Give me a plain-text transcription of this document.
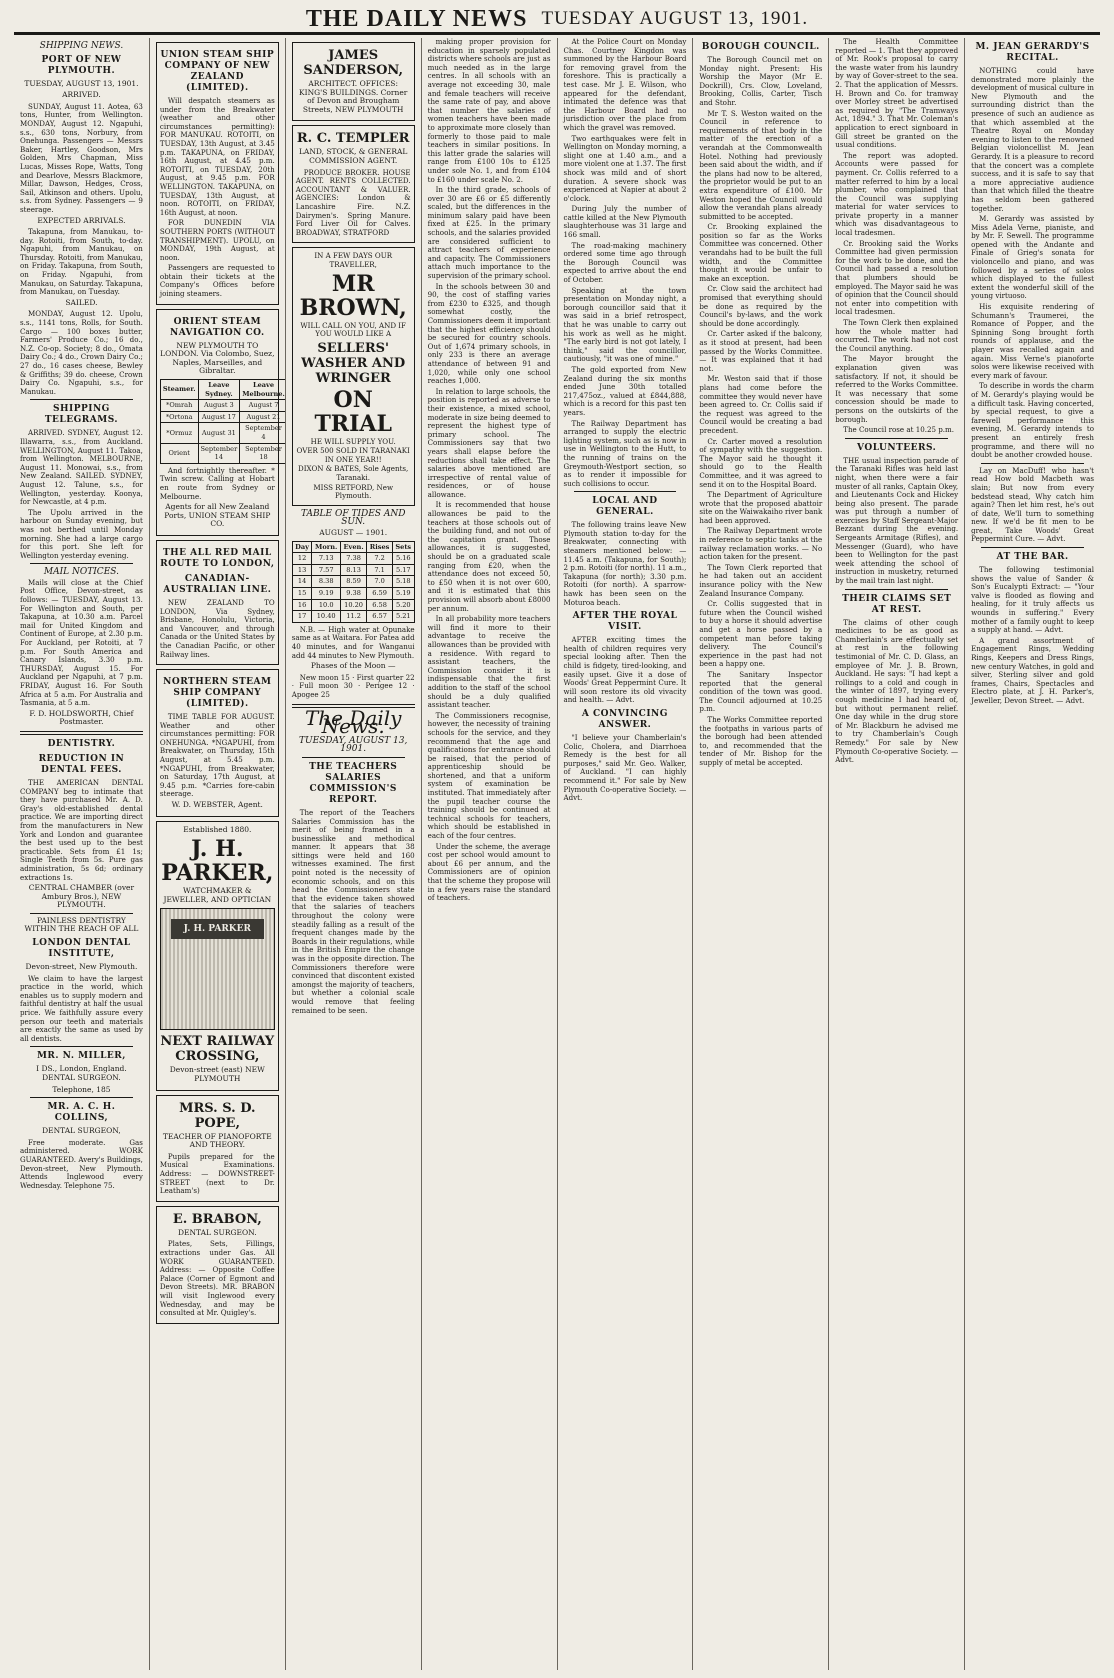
THE DAILY NEWS TUESDAY AUGUST 13, 1901.
SHIPPING NEWS.
PORT OF NEW PLYMOUTH.
TUESDAY, AUGUST 13, 1901.
ARRIVED.

SUNDAY, August 11. Aotea, 63 tons, Hunter, from Wellington. MONDAY, August 12. Ngapuhi, s.s., 630 tons, Norbury, from Onehunga. Passengers — Messrs Baker, Hartley, Goodson, Mrs Golden, Mrs Chapman, Miss Lucas, Misses Rope, Watts, Tong and Dearlove, Messrs Blackmore, Millar, Dawson, Hedges, Cross, Sail, Atkinson and others. Upolu, s.s. from Sydney. Passengers — 9 steerage.

EXPECTED ARRIVALS.

Takapuna, from Manukau, to-day. Rotoiti, from South, to-day. Ngapuhi, from Manukau, on Thursday. Rotoiti, from Manukau, on Friday. Takapuna, from South, on Friday. Ngapuhi, from Manukau, on Saturday. Takapuna, from Manukau, on Tuesday.

SAILED.

MONDAY, August 12. Upolu, s.s., 1141 tons, Rolls, for South. Cargo — 100 boxes butter, Farmers' Produce Co.; 16 do., N.Z. Co-op. Society; 8 do., Omata Dairy Co.; 4 do., Crown Dairy Co.; 27 do., 16 cases cheese, Bewley & Griffiths; 39 do. cheese, Crown Dairy Co. Ngapuhi, s.s., for Manukau.

SHIPPING TELEGRAMS.

ARRIVED. SYDNEY, August 12. Illawarra, s.s., from Auckland. WELLINGTON, August 11. Takoa, from Wellington. MELBOURNE, August 11. Monowai, s.s., from New Zealand. SAILED. SYDNEY, August 12. Talune, s.s., for Wellington, yesterday. Koonya, for Newcastle, at 4 p.m.

The Upolu arrived in the harbour on Sunday evening, but was not berthed until Monday morning. She had a large cargo for this port. She left for Wellington yesterday evening.

MAIL NOTICES.

Mails will close at the Chief Post Office, Devon-street, as follows: — TUESDAY, August 13. For Wellington and South, per Takapuna, at 10.30 a.m. Parcel mail for United Kingdom and Continent of Europe, at 2.30 p.m. For Auckland, per Rotoiti, at 7 p.m. For South America and Canary Islands, 3.30 p.m. THURSDAY, August 15. For Auckland per Ngapuhi, at 7 p.m. FRIDAY, August 16. For South Africa at 5 a.m. For Australia and Tasmania, at 5 a.m.

F. D. HOLDSWORTH, Chief Postmaster.
DENTISTRY.
REDUCTION IN DENTAL FEES.

THE AMERICAN DENTAL COMPANY beg to intimate that they have purchased Mr. A. D. Gray's old-established dental practice. We are importing direct from the manufacturers in New York and London and guarantee the best used up to the best practicable. Sets from £1 1s; Single Teeth from 5s. Pure gas administration, 5s 6d; ordinary extractions 1s.

CENTRAL CHAMBER (over Ambury Bros.), NEW PLYMOUTH.
PAINLESS DENTISTRY WITHIN THE REACH OF ALL
LONDON DENTAL INSTITUTE,
Devon-street, New Plymouth.

We claim to have the largest practice in the world, which enables us to supply modern and faithful dentistry at half the usual price. We faithfully assure every person our teeth and materials are exactly the same as used by all dentists.

MR. N. MILLER,
I DS., London, England. DENTAL SURGEON.
Telephone, 185
MR. A. C. H. COLLINS,
DENTAL SURGEON,

Free moderate. Gas administered. WORK GUARANTEED. Avery's Buildings, Devon-street, New Plymouth. Attends Inglewood every Wednesday. Telephone 75.

UNION STEAM SHIP COMPANY OF NEW ZEALAND (LIMITED).

Will despatch steamers as under from the Breakwater (weather and other circumstances permitting): FOR MANUKAU. ROTOITI, on TUESDAY, 13th August, at 3.45 p.m. TAKAPUNA, on FRIDAY, 16th August, at 4.45 p.m. ROTOITI, on TUESDAY, 20th August, at 9.45 p.m. FOR WELLINGTON. TAKAPUNA, on TUESDAY, 13th August, at noon. ROTOITI, on FRIDAY, 16th August, at noon.

FOR DUNEDIN VIA SOUTHERN PORTS (WITHOUT TRANSHIPMENT). UPOLU, on MONDAY, 19th August, at noon.

Passengers are requested to obtain their tickets at the Company's Offices before joining steamers.

ORIENT STEAM NAVIGATION CO.
NEW PLYMOUTH TO LONDON. Via Colombo, Suez, Naples, Marseilles, and Gibraltar.
Steamer.	Leave Sydney.	Leave Melbourne.
*Omrah	August 3	August 7
*Ortona	August 17	August 21
*Ormuz	August 31	September 4
Orient	September 14	September 18

And fortnightly thereafter. * Twin screw. Calling at Hobart en route from Sydney or Melbourne.

Agents for all New Zealand Ports, UNION STEAM SHIP CO.
THE ALL RED MAIL ROUTE TO LONDON,
CANADIAN-AUSTRALIAN LINE.

NEW ZEALAND TO LONDON, Via Sydney, Brisbane, Honolulu, Victoria, and Vancouver, and through Canada or the United States by the Canadian Pacific, or other Railway lines.

NORTHERN STEAM SHIP COMPANY (LIMITED).

TIME TABLE FOR AUGUST. Weather and other circumstances permitting: FOR ONEHUNGA. *NGAPUHI, from Breakwater, on Thursday, 15th August, at 5.45 p.m. *NGAPUHI, from Breakwater, on Saturday, 17th August, at 9.45 p.m. *Carries fore-cabin steerage.

W. D. WEBSTER, Agent.
Established 1880.
J. H. PARKER,
WATCHMAKER & JEWELLER, AND OPTICIAN
J. H. PARKER
NEXT RAILWAY CROSSING,
Devon-street (east) NEW PLYMOUTH
MRS. S. D. POPE,
TEACHER OF PIANOFORTE AND THEORY.

Pupils prepared for the Musical Examinations. Address: — DOWNSTREET-STREET (next to Dr. Leatham's)

E. BRABON,
DENTAL SURGEON.

Plates, Sets, Fillings, extractions under Gas. All WORK GUARANTEED. Address: — Opposite Coffee Palace (Corner of Egmont and Devon Streets). MR. BRABON will visit Inglewood every Wednesday, and may be consulted at Mr. Quigley's.

JAMES SANDERSON,
ARCHITECT. OFFICES: KING'S BUILDINGS. Corner of Devon and Brougham Streets, NEW PLYMOUTH
R. C. TEMPLER
LAND, STOCK, & GENERAL COMMISSION AGENT.

PRODUCE BROKER. HOUSE AGENT. RENTS COLLECTED. ACCOUNTANT & VALUER. AGENCIES: London & Lancashire Fire. N.Z. Dairymen's. Spring Manure. Ford Liver Oil for Calves. BROADWAY, STRATFORD

IN A FEW DAYS OUR TRAVELLER,
MR BROWN,
WILL CALL ON YOU, AND IF YOU WOULD LIKE A
SELLERS' WASHER AND WRINGER
ON TRIAL
HE WILL SUPPLY YOU.
OVER 500 SOLD IN TARANAKI IN ONE YEAR!!
DIXON & BATES, Sole Agents, Taranaki.
MISS RETFORD, New Plymouth.
TABLE OF TIDES AND SUN.
AUGUST — 1901.
Day	Morn.	Even.	Rises	Sets
12	7.13	7.38	7.2	5.16
13	7.57	8.13	7.1	5.17
14	8.38	8.59	7.0	5.18
15	9.19	9.38	6.59	5.19
16	10.0	10.20	6.58	5.20
17	10.40	11.2	6.57	5.21

N.B. — High water at Opunake same as at Waitara. For Patea add 40 minutes, and for Wanganui add 44 minutes to New Plymouth.

Phases of the Moon —

New moon 15 · First quarter 22 · Full moon 30 · Perigee 12 · Apogee 25

The Daily News.
TUESDAY, AUGUST 13, 1901.
THE TEACHERS SALARIES COMMISSION'S REPORT.

The report of the Teachers Salaries Commission has the merit of being framed in a businesslike and methodical manner. It appears that 38 sittings were held and 160 witnesses examined. The first point noted is the necessity of economic schools, and on this head the Commissioners state that the evidence taken showed that the salaries of teachers throughout the colony were steadily falling as a result of the frequent changes made by the Boards in their regulations, while in the British Empire the change was in the opposite direction. The Commissioners therefore were convinced that discontent existed amongst the majority of teachers, but whether a colonial scale would remove that feeling remained to be seen.

making proper provision for education in sparsely populated districts where schools are just as much needed as in the large centres. In all schools with an average not exceeding 30, male and female teachers will receive the same rate of pay, and above that number the salaries of women teachers have been made to approximate more closely than formerly to those paid to male teachers in similar positions. In this latter grade the salaries will range from £100 10s to £125 under sole No. 1, and from £104 to £160 under scale No. 2.

In the third grade, schools of over 30 are £6 or £5 differently scaled, but the differences in the minimum salary paid have been fixed at £25. In the primary schools, and the salaries provided are considered sufficient to attract teachers of experience and capacity. The Commissioners attach much importance to the supervision of the primary school.

In the schools between 30 and 90, the cost of staffing varies from £230 to £325, and though somewhat costly, the Commissioners deem it important that the highest efficiency should be secured for country schools. Out of 1,674 primary schools, in only 233 is there an average attendance of between 91 and 1,020, while only one school reaches 1,000.

In relation to large schools, the position is reported as adverse to their existence, a mixed school, moderate in size being deemed to represent the highest type of primary school. The Commissioners say that two years shall elapse before the reductions shall take effect. The salaries above mentioned are irrespective of rental value of residences, or of house allowance.

It is recommended that house allowances be paid to the teachers at those schools out of the building fund, and not out of the capitation grant. Those allowances, it is suggested, should be on a graduated scale ranging from £20, when the attendance does not exceed 50, to £50 when it is not over 600, and it is estimated that this provision will absorb about £8000 per annum.

In all probability more teachers will find it more to their advantage to receive the allowances than be provided with a residence. With regard to assistant teachers, the Commission consider it is indispensable that the first addition to the staff of the school should be a duly qualified assistant teacher.

The Commissioners recognise, however, the necessity of training schools for the service, and they recommend that the age and qualifications for entrance should be raised, that the period of apprenticeship should be shortened, and that a uniform system of examination be instituted. That immediately after the pupil teacher course the training should be continued at technical schools for teachers, which should be established in each of the four centres.

Under the scheme, the average cost per school would amount to about £6 per annum, and the Commissioners are of opinion that the scheme they propose will in a few years raise the standard of teachers.

At the Police Court on Monday Chas. Courtney Kingdon was summoned by the Harbour Board for removing gravel from the foreshore. This is practically a test case. Mr J. E. Wilson, who appeared for the defendant, intimated the defence was that the Harbour Board had no jurisdiction over the place from which the gravel was removed.

Two earthquakes were felt in Wellington on Monday morning, a slight one at 1.40 a.m., and a more violent one at 1.37. The first shock was mild and of short duration. A severe shock was experienced at Napier at about 2 o'clock.

During July the number of cattle killed at the New Plymouth slaughterhouse was 31 large and 166 small.

The road-making machinery ordered some time ago through the Borough Council was expected to arrive about the end of October.

Speaking at the town presentation on Monday night, a borough councillor said that it was said in a brief retrospect, that he was unable to carry out his work as well as he might. "The early bird is not got lately, I think," said the councillor, cautiously, "it was one of mine."

The gold exported from New Zealand during the six months ended June 30th totalled 217,475oz., valued at £844,888, which is a record for this past ten years.

The Railway Department has arranged to supply the electric lighting system, such as is now in use in Wellington to the Hutt, to the running of trains on the Greymouth-Westport section, so as to render it impossible for such collisions to occur.

LOCAL AND GENERAL.

The following trains leave New Plymouth station to-day for the Breakwater, connecting with steamers mentioned below: — 11.45 a.m. (Takapuna, for South); 2 p.m. Rotoiti (for north). 11 a.m., Takapuna (for north); 3.30 p.m. Rotoiti (for north). A sparrow-hawk has been seen on the Moturoa beach.

AFTER THE ROYAL VISIT.

AFTER exciting times the health of children requires very special looking after. Then the child is fidgety, tired-looking, and easily upset. Give it a dose of Woods' Great Peppermint Cure. It will soon restore its old vivacity and health. — Advt.

A CONVINCING ANSWER.

"I believe your Chamberlain's Colic, Cholera, and Diarrhoea Remedy is the best for all purposes," said Mr. Geo. Walker, of Auckland. "I can highly recommend it." For sale by New Plymouth Co-operative Society. — Advt.

BOROUGH COUNCIL.

The Borough Council met on Monday night. Present: His Worship the Mayor (Mr E. Dockrill), Crs. Clow, Loveland, Brooking, Collis, Carter, Tisch and Stohr.

Mr T. S. Weston waited on the Council in reference to requirements of that body in the matter of the erection of a verandah at the Commonwealth Hotel. Nothing had previously been said about the width, and if the plans had now to be altered, the proprietor would be put to an extra expenditure of £100. Mr Weston hoped the Council would allow the verandah plans already submitted to be accepted.

Cr. Brooking explained the position so far as the Works Committee was concerned. Other verandahs had to be built the full width, and the Committee thought it would be unfair to make an exception.

Cr. Clow said the architect had promised that everything should be done as required by the Council's by-laws, and the work should be done accordingly.

Cr. Carter asked if the balcony, as it stood at present, had been passed by the Works Committee. — It was explained that it had not.

Mr. Weston said that if those plans had come before the committee they would never have been agreed to. Cr. Collis said if the request was agreed to the Council would be creating a bad precedent.

Cr. Carter moved a resolution of sympathy with the suggestion. The Mayor said he thought it should go to the Health Committee, and it was agreed to send it on to the Hospital Board.

The Department of Agriculture wrote that the proposed abattoir site on the Waiwakaiho river bank had been approved.

The Railway Department wrote in reference to septic tanks at the railway reclamation works. — No action taken for the present.

The Town Clerk reported that he had taken out an accident insurance policy with the New Zealand Insurance Company.

Cr. Collis suggested that in future when the Council wished to buy a horse it should advertise and get a horse passed by a competent man before taking delivery. The Council's experience in the past had not been a happy one.

The Sanitary Inspector reported that the general condition of the town was good. The Council adjourned at 10.25 p.m.

The Works Committee reported the footpaths in various parts of the borough had been attended to, and recommended that the tender of Mr. Bishop for the supply of metal be accepted.

The Health Committee reported — 1. That they approved of Mr. Rook's proposal to carry the waste water from his laundry by way of Gover-street to the sea. 2. That the application of Messrs. H. Brown and Co. for tramway over Morley street be advertised as required by "The Tramways Act, 1894." 3. That Mr. Coleman's application to erect signboard in Gill street be granted on the usual conditions.

The report was adopted. Accounts were passed for payment. Cr. Collis referred to a matter referred to him by a local plumber, who complained that the Council was supplying material for water services to private property in a manner which was disadvantageous to local tradesmen.

Cr. Brooking said the Works Committee had given permission for the work to be done, and the Council had passed a resolution that plumbers should be employed. The Mayor said he was of opinion that the Council should not enter into competition with local tradesmen.

The Town Clerk then explained how the whole matter had occurred. The work had not cost the Council anything.

The Mayor brought the explanation given was satisfactory. If not, it should be referred to the Works Committee. It was necessary that some concession should be made to persons on the outskirts of the borough.

The Council rose at 10.25 p.m.

VOLUNTEERS.

THE usual inspection parade of the Taranaki Rifles was held last night, when there were a fair muster of all ranks, Captain Okey, and Lieutenants Cock and Hickey being also present. The parade was put through a number of exercises by Staff Sergeant-Major Bezzant during the evening. Sergeants Armitage (Rifles), and Messenger (Guard), who have been to Wellington for the past week attending the school of instruction in musketry, returned by the mail train last night.

THEIR CLAIMS SET AT REST.

The claims of other cough medicines to be as good as Chamberlain's are effectually set at rest in the following testimonial of Mr. C. D. Glass, an employee of Mr. J. B. Brown, Auckland. He says: "I had kept a rollings to a cold and cough in the winter of 1897, trying every cough medicine I had heard of, but without permanent relief. One day while in the drug store of Mr. Blackburn he advised me to try Chamberlain's Cough Remedy." For sale by New Plymouth Co-operative Society. — Advt.

M. JEAN GERARDY'S RECITAL.

NOTHING could have demonstrated more plainly the development of musical culture in New Plymouth and the surrounding district than the presence of such an audience as that which assembled at the Theatre Royal on Monday evening to listen to the renowned Belgian violoncellist M. Jean Gerardy. It is a pleasure to record that the concert was a complete success, and it is safe to say that a more appreciative audience than that which filled the theatre has seldom been gathered together.

M. Gerardy was assisted by Miss Adela Verne, pianiste, and by Mr. F. Sewell. The programme opened with the Andante and Finale of Grieg's sonata for violoncello and piano, and was followed by a series of solos which displayed to the fullest extent the wonderful skill of the young virtuoso.

His exquisite rendering of Schumann's Traumerei, the Romance of Popper, and the Spinning Song brought forth rounds of applause, and the player was recalled again and again. Miss Verne's pianoforte solos were likewise received with every mark of favour.

To describe in words the charm of M. Gerardy's playing would be a difficult task. Having concerted, by special request, to give a farewell performance this evening, M. Gerardy intends to present an entirely fresh programme, and there will no doubt be another crowded house.

Lay on MacDuff! who hasn't read How bold Macbeth was slain; But now from every bedstead stead, Why catch him again? Then let him rest, he's out of date, We'll turn to something new. If we'd be fit men to be great, Take Woods' Great Peppermint Cure. — Advt.

AT THE BAR.

The following testimonial shows the value of Sander & Son's Eucalypti Extract: — "Your valve is flooded as flowing and healing, for it truly affects us wounds in suffering." Every mother of a family ought to keep a supply at hand. — Advt.

A grand assortment of Engagement Rings, Wedding Rings, Keepers and Dress Rings, new century Watches, in gold and silver, Sterling silver and gold frames, Chairs, Spectacles and Electro plate, at J. H. Parker's, Jeweller, Devon Street. — Advt.
